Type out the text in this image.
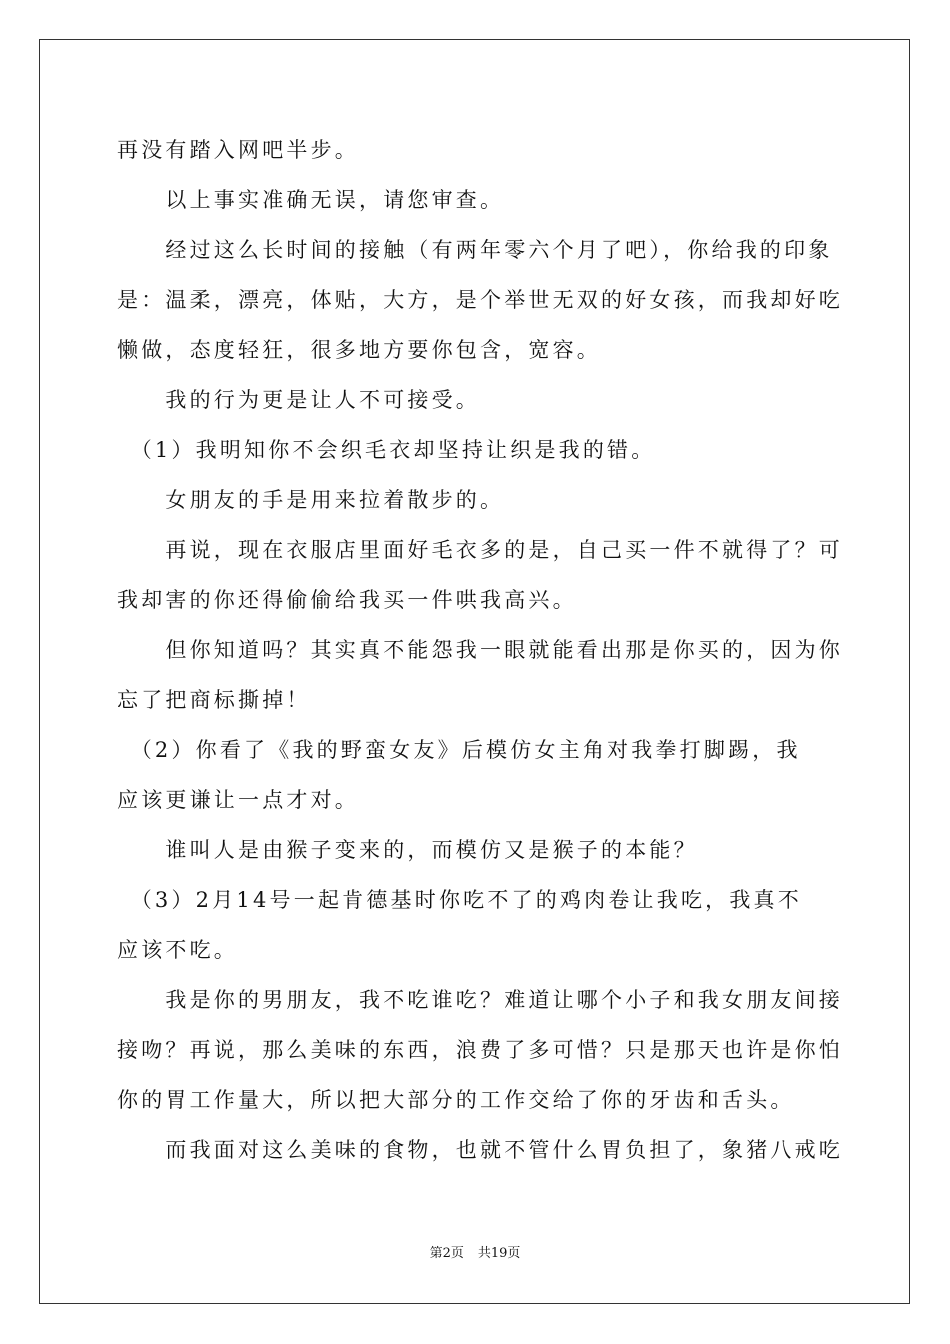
再没有踏入网吧半步。
　　以上事实准确无误，请您审查。
　　经过这么长时间的接触（有两年零六个月了吧），你给我的印象
是：温柔，漂亮，体贴，大方，是个举世无双的好女孩，而我却好吃
懒做，态度轻狂，很多地方要你包含，宽容。
　　我的行为更是让人不可接受。
　（1）我明知你不会织毛衣却坚持让织是我的错。
　　女朋友的手是用来拉着散步的。
　　再说，现在衣服店里面好毛衣多的是，自己买一件不就得了？可
我却害的你还得偷偷给我买一件哄我高兴。
　　但你知道吗？其实真不能怨我一眼就能看出那是你买的，因为你
忘了把商标撕掉！
　（2）你看了《我的野蛮女友》后模仿女主角对我拳打脚踢，我
应该更谦让一点才对。
　　谁叫人是由猴子变来的，而模仿又是猴子的本能？
　（3）2月14号一起肯德基时你吃不了的鸡肉卷让我吃，我真不
应该不吃。
　　我是你的男朋友，我不吃谁吃？难道让哪个小子和我女朋友间接
接吻？再说，那么美味的东西，浪费了多可惜？只是那天也许是你怕
你的胃工作量大，所以把大部分的工作交给了你的牙齿和舌头。
　　而我面对这么美味的食物，也就不管什么胃负担了，象猪八戒吃
第2页 共19页
